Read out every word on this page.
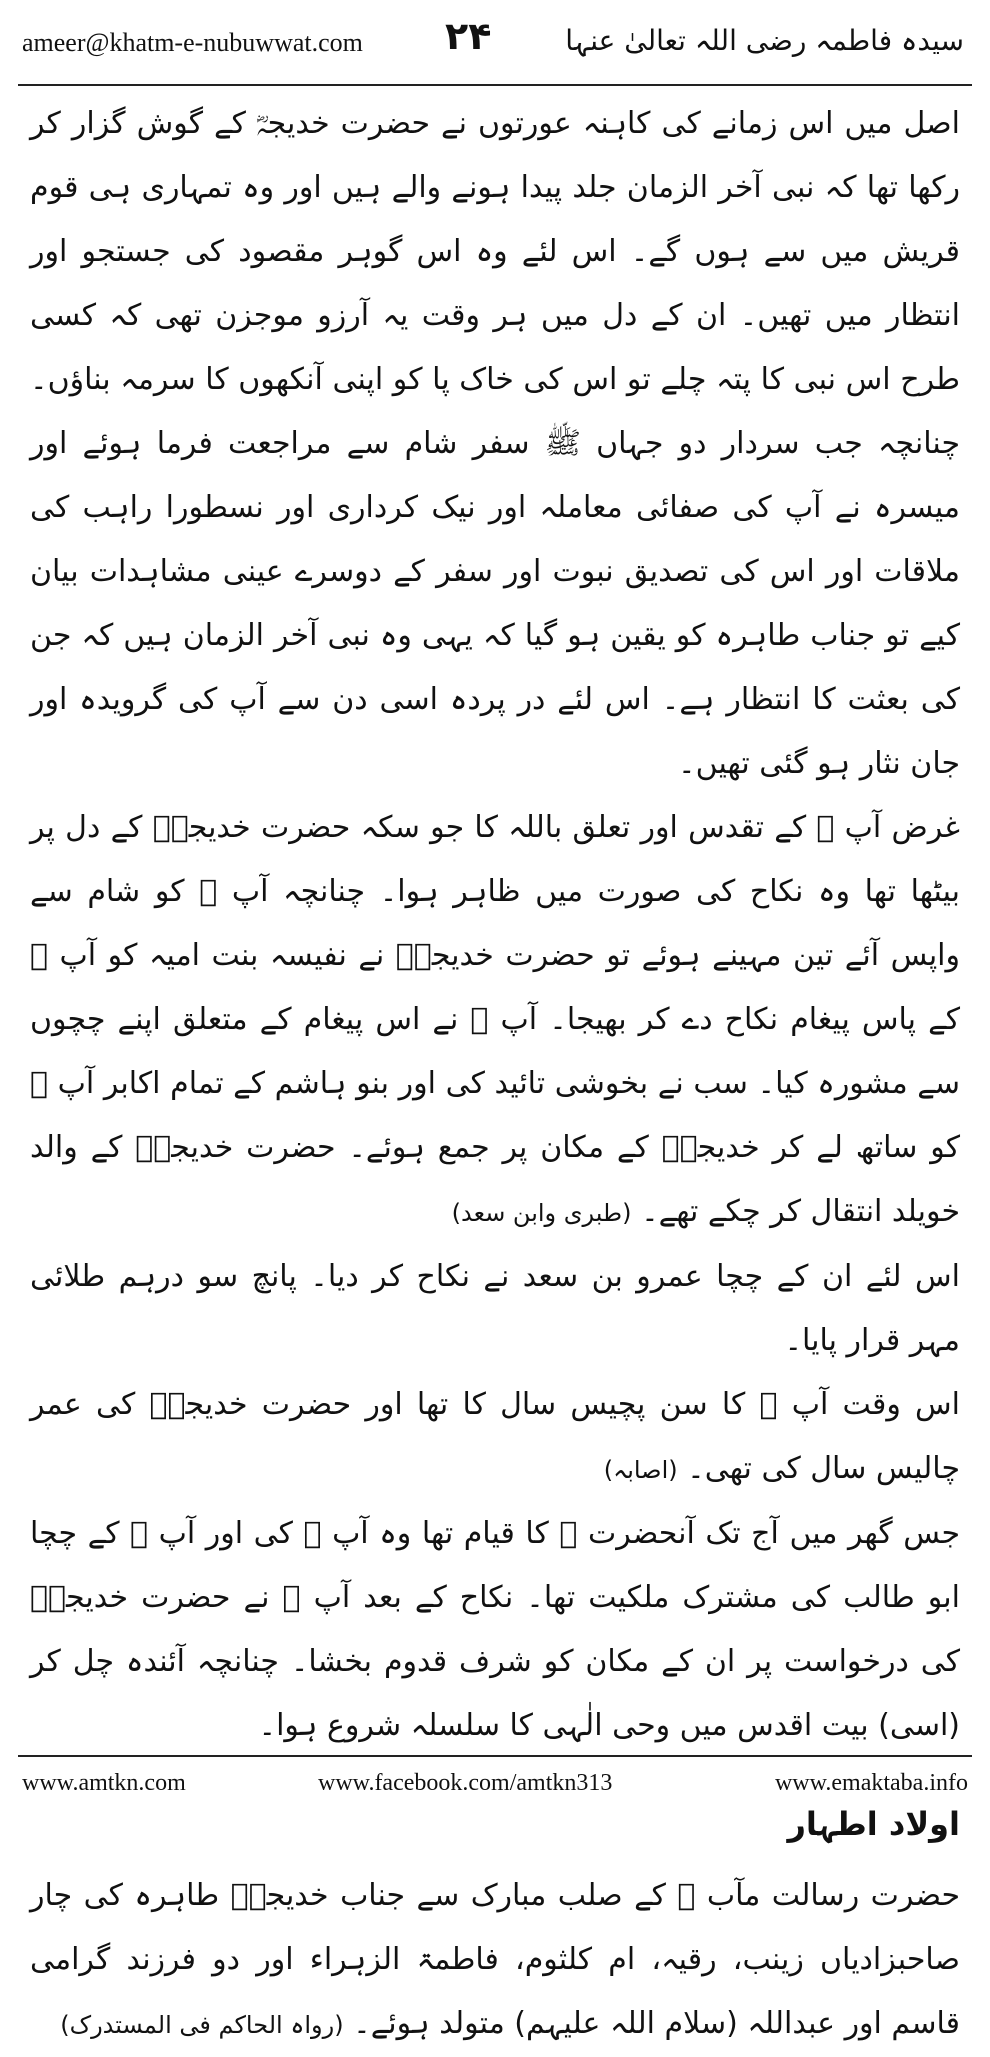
ameer@khatm-e-nubuwwat.com ۲۴	سیدہ فاطمہ رضی اللہ تعالیٰ عنہا

اصل میں اس زمانے کی کاہنہ عورتوں نے حضرت خدیجہؓ کے گوش گزار کر رکھا تھا کہ نبی آخر الزمان جلد پیدا ہونے والے ہیں اور وہ تمہاری ہی قوم قریش میں سے ہوں گے۔ اس لئے وہ اس گوہر مقصود کی جستجو اور انتظار میں تھیں۔ ان کے دل میں ہر وقت یہ آرزو موجزن تھی کہ کسی طرح اس نبی کا پتہ چلے تو اس کی خاک پا کو اپنی آنکھوں کا سرمہ بناؤں۔ چنانچہ جب سردار دو جہاں ﷺ سفر شام سے مراجعت فرما ہوئے اور میسرہ نے آپ کی صفائی معاملہ اور نیک کرداری اور نسطورا راہب کی ملاقات اور اس کی تصدیق نبوت اور سفر کے دوسرے عینی مشاہدات بیان کیے تو جناب طاہرہ کو یقین ہو گیا کہ یہی وہ نبی آخر الزمان ہیں کہ جن کی بعثت کا انتظار ہے۔ اس لئے در پردہ اسی دن سے آپ کی گرویدہ اور جان نثار ہو گئی تھیں۔

غرض آپ ﷺ کے تقدس اور تعلق باللہ کا جو سکہ حضرت خدیجہؓ کے دل پر بیٹھا تھا وہ نکاح کی صورت میں ظاہر ہوا۔ چنانچہ آپ ﷺ کو شام سے واپس آئے تین مہینے ہوئے تو حضرت خدیجہؓ نے نفیسہ بنت امیہ کو آپ ﷺ کے پاس پیغام نکاح دے کر بھیجا۔ آپ ﷺ نے اس پیغام کے متعلق اپنے چچوں سے مشورہ کیا۔ سب نے بخوشی تائید کی اور بنو ہاشم کے تمام اکابر آپ ﷺ کو ساتھ لے کر خدیجہؓ کے مکان پر جمع ہوئے۔ حضرت خدیجہؓ کے والد خویلد انتقال کر چکے تھے۔ (طبری وابن سعد)

اس لئے ان کے چچا عمرو بن سعد نے نکاح کر دیا۔ پانچ سو درہم طلائی مہر قرار پایا۔

اس وقت آپ ﷺ کا سن پچیس سال کا تھا اور حضرت خدیجہؓ کی عمر چالیس سال کی تھی۔ (اصابہ)

جس گھر میں آج تک آنحضرت ﷺ کا قیام تھا وہ آپ ﷺ کی اور آپ ﷺ کے چچا ابو طالب کی مشترک ملکیت تھا۔ نکاح کے بعد آپ ﷺ نے حضرت خدیجہؓ کی درخواست پر ان کے مکان کو شرف قدوم بخشا۔ چنانچہ آئندہ چل کر (اسی) بیت اقدس میں وحی الٰہی کا سلسلہ شروع ہوا۔

اولاد اطہار

حضرت رسالت مآب ﷺ کے صلب مبارک سے جناب خدیجہؓ طاہرہ کی چار صاحبزادیاں زینب، رقیہ، ام کلثوم، فاطمۃ الزہراء اور دو فرزند گرامی قاسم اور عبداللہ (سلام اللہ علیہم) متولد ہوئے۔ (رواہ الحاکم فی المستدرک)

www.amtkn.com	www.facebook.com/amtkn313	www.emaktaba.info
